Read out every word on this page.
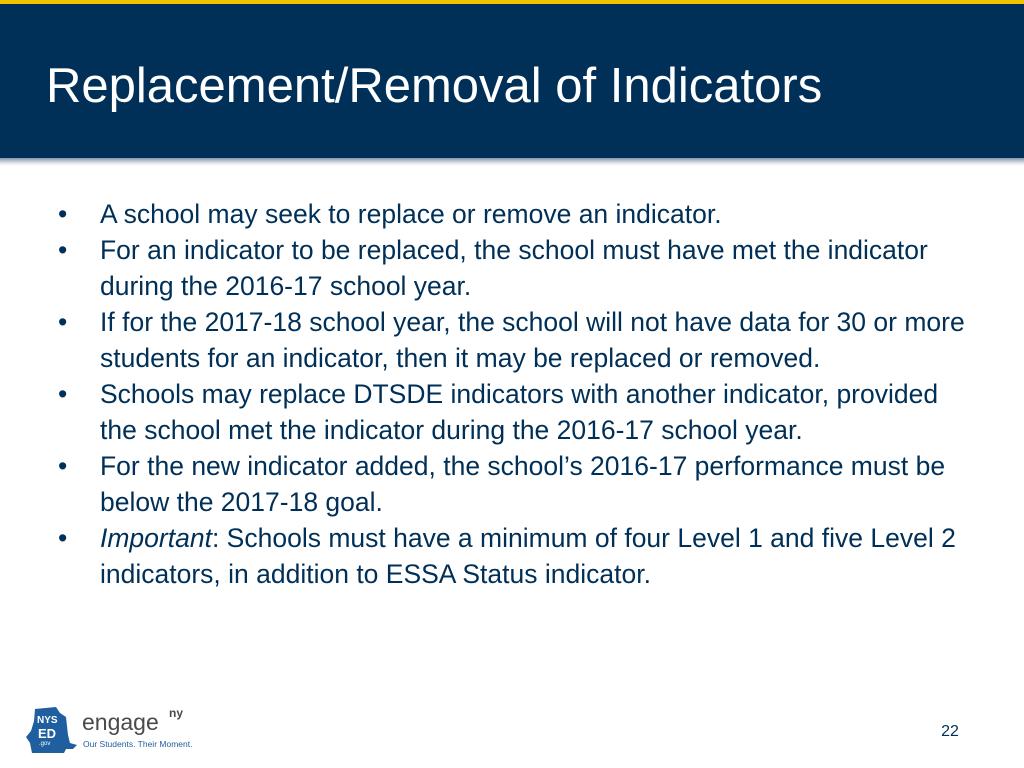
Replacement/Removal of Indicators
• A school may seek to replace or remove an indicator.
• For an indicator to be replaced, the school must have met the indicator during the 2016-17 school year.
• If for the 2017-18 school year, the school will not have data for 30 or more students for an indicator, then it may be replaced or removed.
• Schools may replace DTSDE indicators with another indicator, provided the school met the indicator during the 2016-17 school year.
• For the new indicator added, the school’s 2016-17 performance must be below the 2017-18 goal.
• Important: Schools must have a minimum of four Level 1 and five Level 2 indicators, in addition to ESSA Status indicator.
NYS
ED
.gov
engage ny
Our Students. Their Moment.
22
